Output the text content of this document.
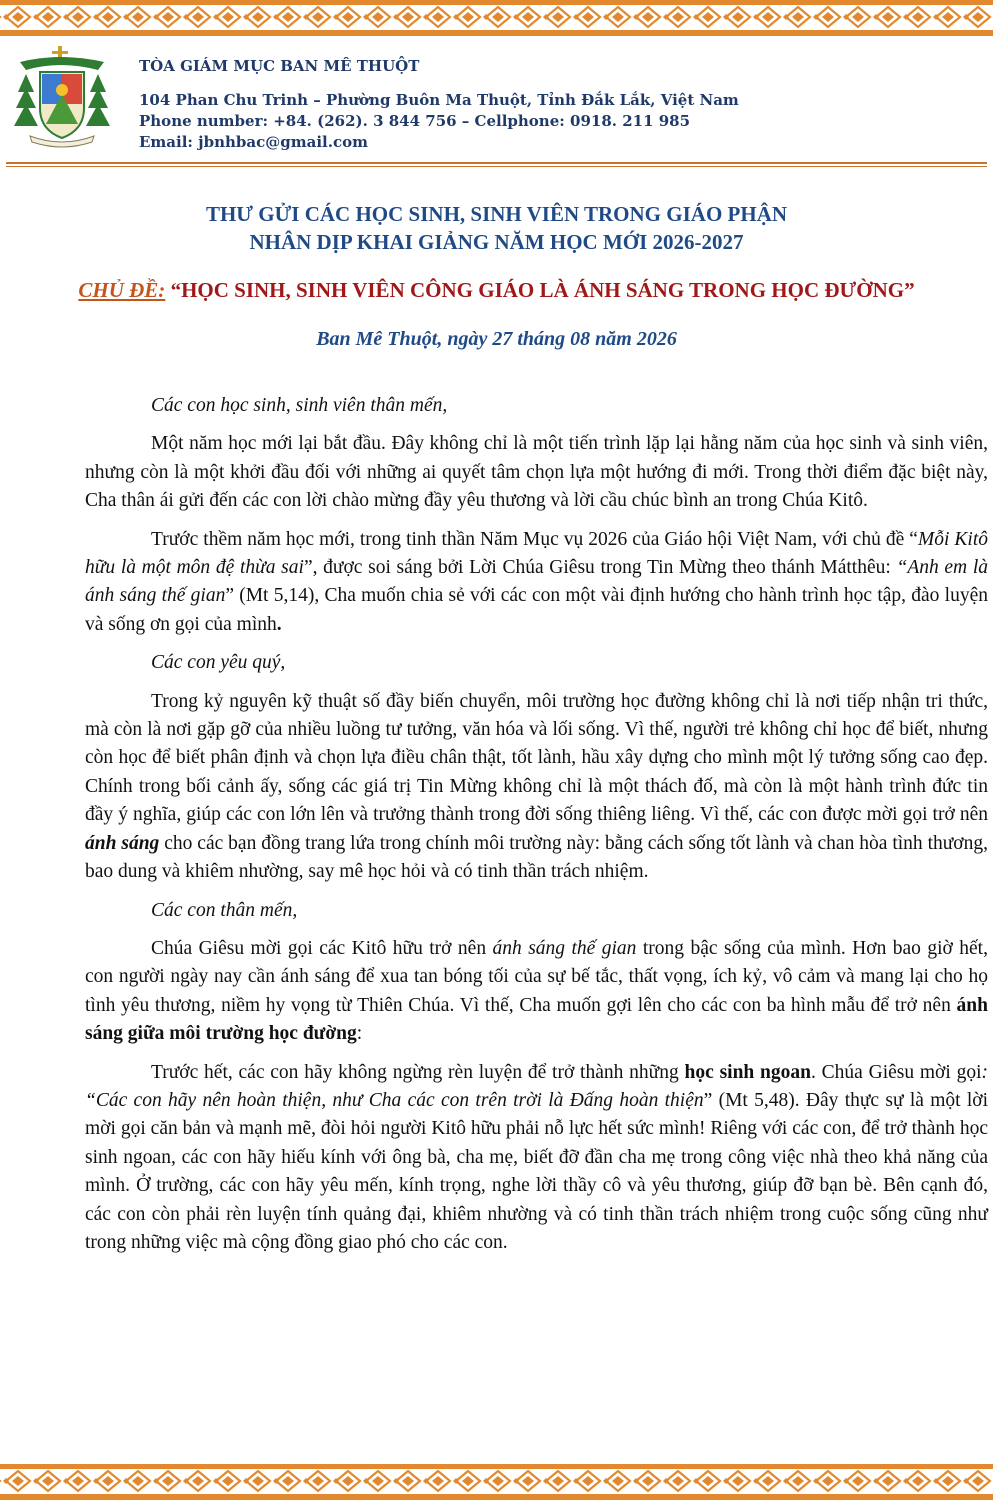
TÒA GIÁM MỤC BAN MÊ THUỘT
104 Phan Chu Trinh – Phường Buôn Ma Thuột, Tỉnh Đắk Lắk, Việt Nam
Phone number: +84. (262). 3 844 756 – Cellphone: 0918. 211 985
Email: jbnhbac@gmail.com
THƯ GỬI CÁC HỌC SINH, SINH VIÊN TRONG GIÁO PHẬN
NHÂN DỊP KHAI GIẢNG NĂM HỌC MỚI 2026-2027
CHỦ ĐỀ: “HỌC SINH, SINH VIÊN CÔNG GIÁO LÀ ÁNH SÁNG TRONG HỌC ĐƯỜNG”
Ban Mê Thuột, ngày 27 tháng 08 năm 2026

Các con học sinh, sinh viên thân mến,

Một năm học mới lại bắt đầu. Đây không chỉ là một tiến trình lặp lại hằng năm của học sinh và sinh viên, nhưng còn là một khởi đầu đối với những ai quyết tâm chọn lựa một hướng đi mới. Trong thời điểm đặc biệt này, Cha thân ái gửi đến các con lời chào mừng đầy yêu thương và lời cầu chúc bình an trong Chúa Kitô.

Trước thềm năm học mới, trong tinh thần Năm Mục vụ 2026 của Giáo hội Việt Nam, với chủ đề “Mỗi Kitô hữu là một môn đệ thừa sai”, được soi sáng bởi Lời Chúa Giêsu trong Tin Mừng theo thánh Mátthêu: “Anh em là ánh sáng thế gian” (Mt 5,14), Cha muốn chia sẻ với các con một vài định hướng cho hành trình học tập, đào luyện và sống ơn gọi của mình.

Các con yêu quý,

Trong kỷ nguyên kỹ thuật số đầy biến chuyển, môi trường học đường không chỉ là nơi tiếp nhận tri thức, mà còn là nơi gặp gỡ của nhiều luồng tư tưởng, văn hóa và lối sống. Vì thế, người trẻ không chỉ học để biết, nhưng còn học để biết phân định và chọn lựa điều chân thật, tốt lành, hầu xây dựng cho mình một lý tưởng sống cao đẹp. Chính trong bối cảnh ấy, sống các giá trị Tin Mừng không chỉ là một thách đố, mà còn là một hành trình đức tin đầy ý nghĩa, giúp các con lớn lên và trưởng thành trong đời sống thiêng liêng. Vì thế, các con được mời gọi trở nên ánh sáng cho các bạn đồng trang lứa trong chính môi trường này: bằng cách sống tốt lành và chan hòa tình thương, bao dung và khiêm nhường, say mê học hỏi và có tinh thần trách nhiệm.

Các con thân mến,

Chúa Giêsu mời gọi các Kitô hữu trở nên ánh sáng thế gian trong bậc sống của mình. Hơn bao giờ hết, con người ngày nay cần ánh sáng để xua tan bóng tối của sự bế tắc, thất vọng, ích kỷ, vô cảm và mang lại cho họ tình yêu thương, niềm hy vọng từ Thiên Chúa. Vì thế, Cha muốn gợi lên cho các con ba hình mẫu để trở nên ánh sáng giữa môi trường học đường:

Trước hết, các con hãy không ngừng rèn luyện để trở thành những học sinh ngoan. Chúa Giêsu mời gọi: “Các con hãy nên hoàn thiện, như Cha các con trên trời là Đấng hoàn thiện” (Mt 5,48). Đây thực sự là một lời mời gọi căn bản và mạnh mẽ, đòi hỏi người Kitô hữu phải nỗ lực hết sức mình! Riêng với các con, để trở thành học sinh ngoan, các con hãy hiếu kính với ông bà, cha mẹ, biết đỡ đần cha mẹ trong công việc nhà theo khả năng của mình. Ở trường, các con hãy yêu mến, kính trọng, nghe lời thầy cô và yêu thương, giúp đỡ bạn bè. Bên cạnh đó, các con còn phải rèn luyện tính quảng đại, khiêm nhường và có tinh thần trách nhiệm trong cuộc sống cũng như trong những việc mà cộng đồng giao phó cho các con.
